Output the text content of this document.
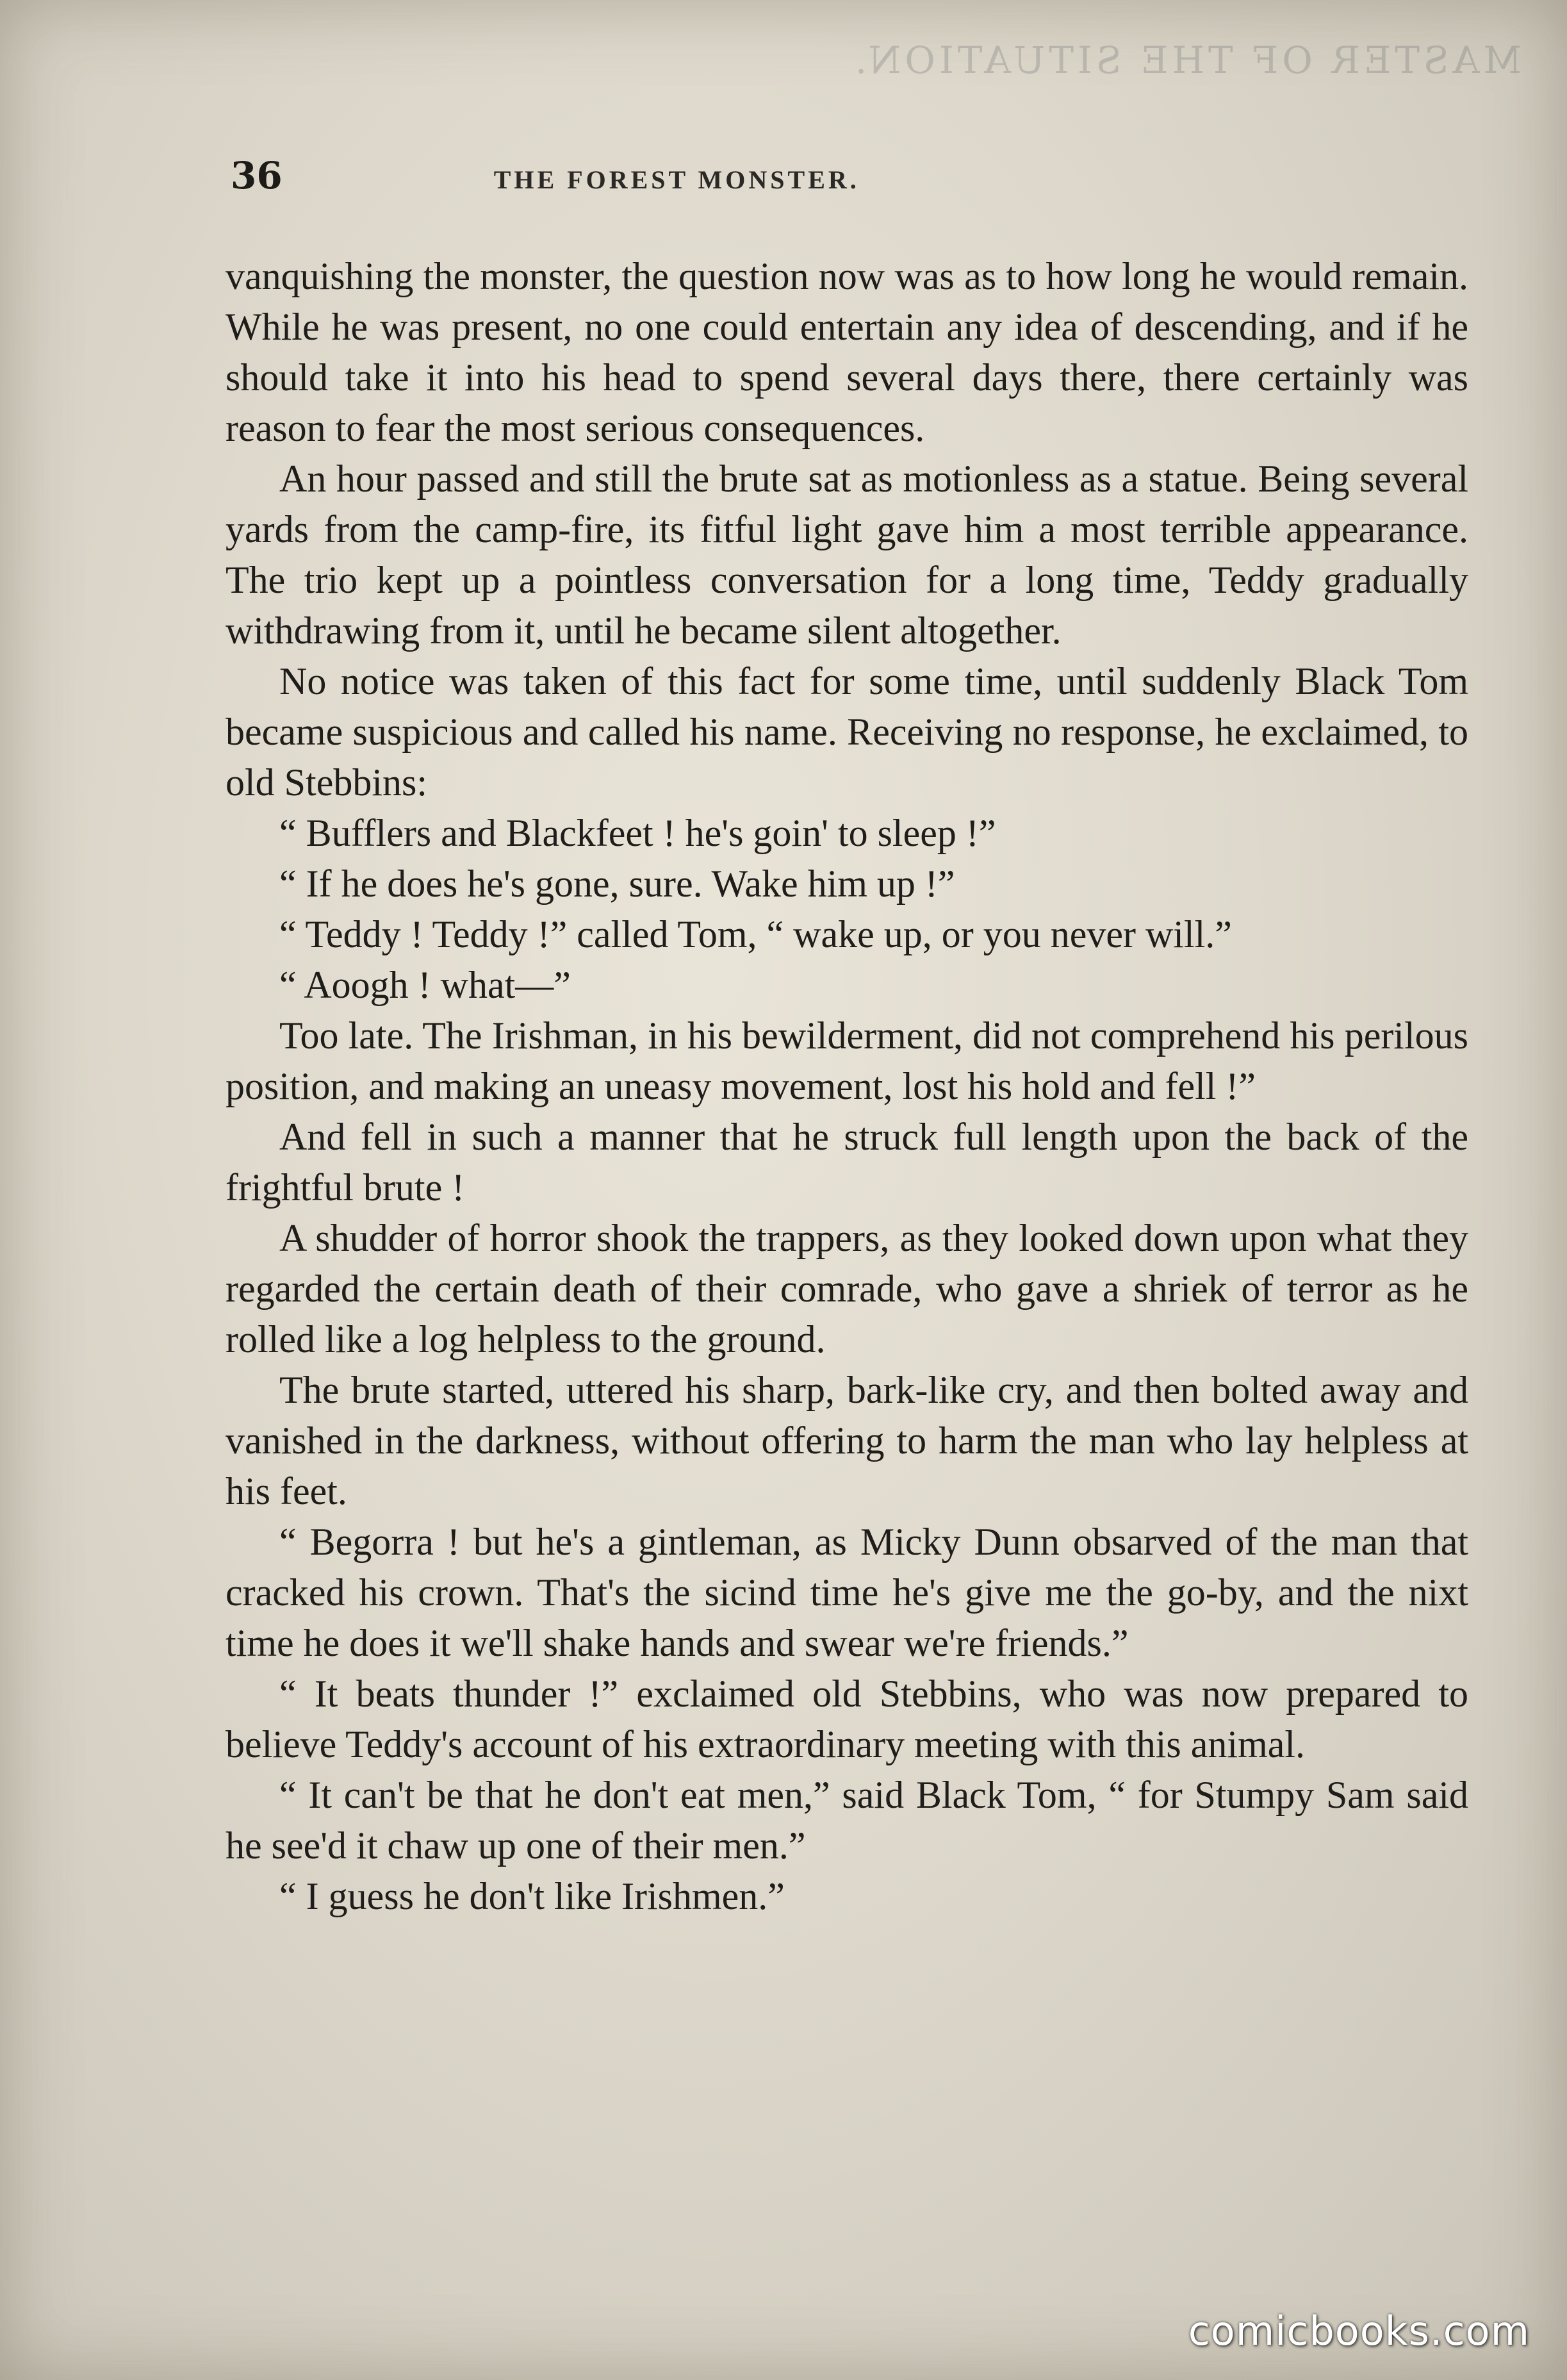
MASTER OF THE SITUATION.
36	THE FOREST MONSTER.

vanquishing the monster, the question now was as to how long he would remain. While he was present, no one could entertain any idea of descending, and if he should take it into his head to spend several days there, there certainly was reason to fear the most serious consequences.

An hour passed and still the brute sat as motionless as a statue. Being several yards from the camp-fire, its fitful light gave him a most terrible appearance. The trio kept up a pointless conversation for a long time, Teddy gradually withdrawing from it, until he became silent altogether.

No notice was taken of this fact for some time, until suddenly Black Tom became suspicious and called his name. Receiving no response, he exclaimed, to old Stebbins:

“ Bufflers and Blackfeet ! he's goin' to sleep !”

“ If he does he's gone, sure. Wake him up !”

“ Teddy ! Teddy !” called Tom, “ wake up, or you never will.”

“ Aoogh ! what—”

Too late. The Irishman, in his bewilderment, did not comprehend his perilous position, and making an uneasy movement, lost his hold and fell !”

And fell in such a manner that he struck full length upon the back of the frightful brute !

A shudder of horror shook the trappers, as they looked down upon what they regarded the certain death of their comrade, who gave a shriek of terror as he rolled like a log helpless to the ground.

The brute started, uttered his sharp, bark-like cry, and then bolted away and vanished in the darkness, without offering to harm the man who lay helpless at his feet.

“ Begorra ! but he's a gintleman, as Micky Dunn obsarved of the man that cracked his crown. That's the sicind time he's give me the go-by, and the nixt time he does it we'll shake hands and swear we're friends.”

“ It beats thunder !” exclaimed old Stebbins, who was now prepared to believe Teddy's account of his extraordinary meeting with this animal.

“ It can't be that he don't eat men,” said Black Tom, “ for Stumpy Sam said he see'd it chaw up one of their men.”

“ I guess he don't like Irishmen.”

comicbooks.com
